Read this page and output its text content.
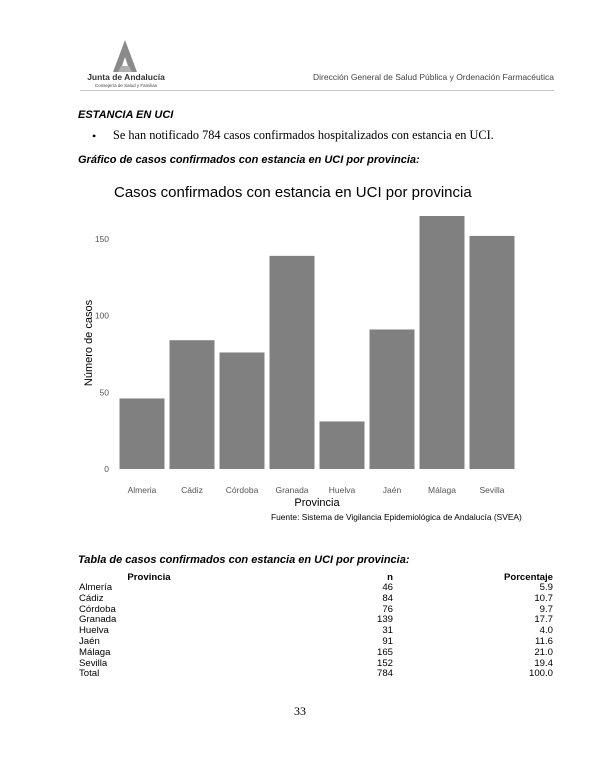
Junta de Andalucía
Consejería de Salud y Familias
Dirección General de Salud Pública y Ordenación Farmacéutica
ESTANCIA EN UCI
• Se han notificado 784 casos confirmados hospitalizados con estancia en UCI.
Gráfico de casos confirmados con estancia en UCI por provincia:
Casos confirmados con estancia en UCI por provincia
Número de casos
0
50
100
150
Almeria	Cádiz	Córdoba Granada Huelva	Jaén	Málaga	Sevilla
Provincia
Fuente: Sistema de Vigilancia Epidemiológica de Andalucía (SVEA)
Tabla de casos confirmados con estancia en UCI por provincia:
Provincia	n	Porcentaje
Almería	46	5.9
Cádiz	84	10.7
Córdoba	76	9.7
Granada	139	17.7
Huelva	31	4.0
Jaén	91	11.6
Málaga	165	21.0
Sevilla	152	19.4
Total	784	100.0
33
